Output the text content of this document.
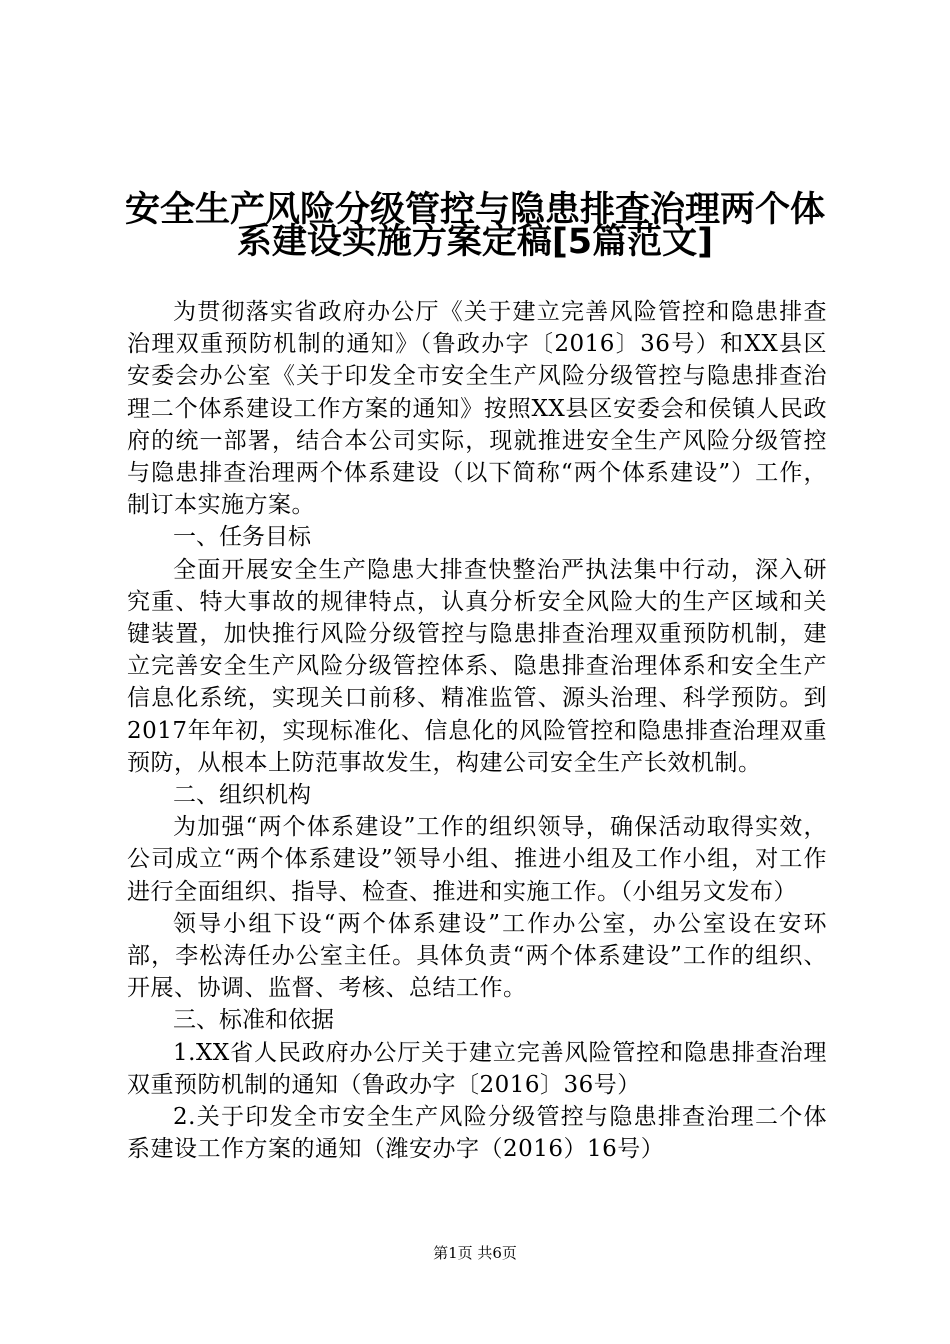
安全生产风险分级管控与隐患排查治理两个体
系建设实施方案定稿[5篇范文]

为贯彻落实省政府办公厅《关于建立完善风险管控和隐患排查治理双重预防机制的通知》（鲁政办字〔2016〕36号）和XX县区安委会办公室《关于印发全市安全生产风险分级管控与隐患排查治理二个体系建设工作方案的通知》按照XX县区安委会和侯镇人民政府的统一部署，结合本公司实际，现就推进安全生产风险分级管控与隐患排查治理两个体系建设（以下简称“两个体系建设”）工作，制订本实施方案。

一、任务目标

全面开展安全生产隐患大排查快整治严执法集中行动，深入研究重、特大事故的规律特点，认真分析安全风险大的生产区域和关键装置，加快推行风险分级管控与隐患排查治理双重预防机制，建立完善安全生产风险分级管控体系、隐患排查治理体系和安全生产信息化系统，实现关口前移、精准监管、源头治理、科学预防。到2017年年初，实现标准化、信息化的风险管控和隐患排查治理双重预防，从根本上防范事故发生，构建公司安全生产长效机制。

二、组织机构

为加强“两个体系建设”工作的组织领导，确保活动取得实效，公司成立“两个体系建设”领导小组、推进小组及工作小组，对工作进行全面组织、指导、检查、推进和实施工作。（小组另文发布）

领导小组下设“两个体系建设”工作办公室，办公室设在安环部，李松涛任办公室主任。具体负责“两个体系建设”工作的组织、开展、协调、监督、考核、总结工作。

三、标准和依据

1.XX省人民政府办公厅关于建立完善风险管控和隐患排查治理双重预防机制的通知（鲁政办字〔2016〕36号）

2.关于印发全市安全生产风险分级管控与隐患排查治理二个体系建设工作方案的通知（潍安办字（2016）16号）

第1页 共6页
